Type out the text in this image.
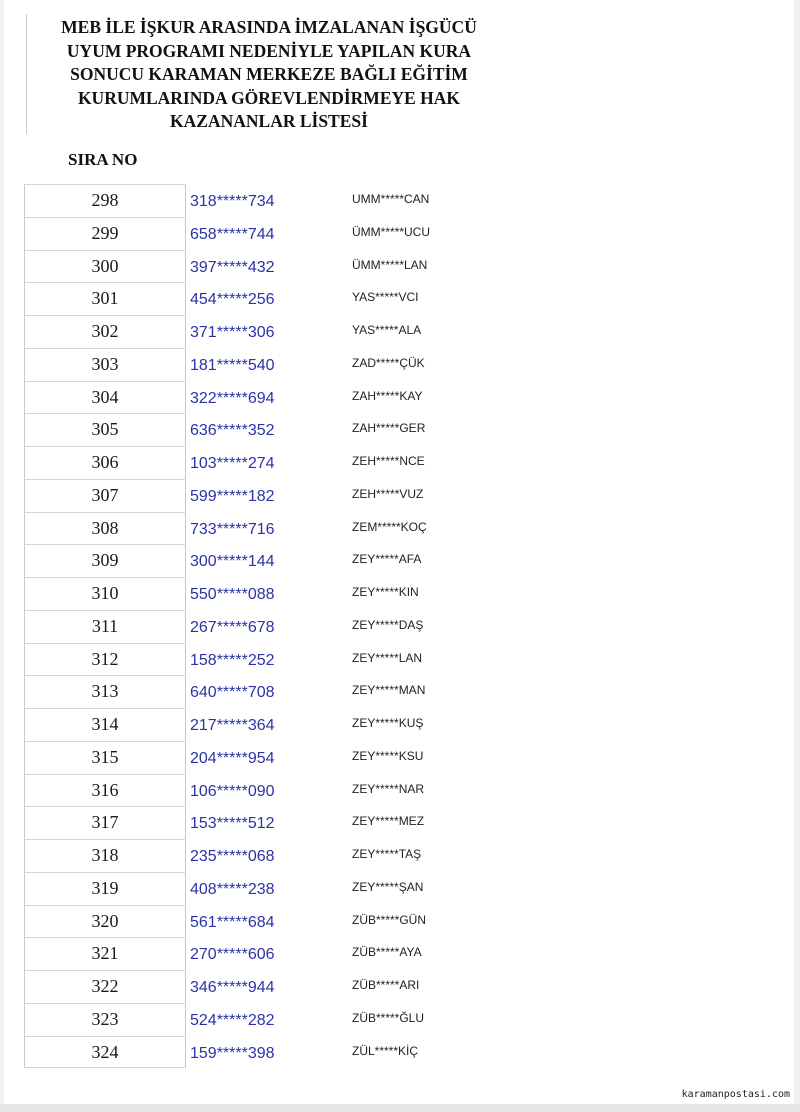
MEB İLE İŞKUR ARASINDA İMZALANAN İŞGÜCÜ
UYUM PROGRAMI NEDENİYLE YAPILAN KURA
SONUCU KARAMAN MERKEZE BAĞLI EĞİTİM
KURUMLARINDA GÖREVLENDİRMEYE HAK
KAZANANLAR LİSTESİ
SIRA NO
298	318*****734	UMM*****CAN
299	658*****744	ÜMM*****UCU
300	397*****432	ÜMM*****LAN
301	454*****256	YAS*****VCI
302	371*****306	YAS*****ALA
303	181*****540	ZAD*****ÇÜK
304	322*****694	ZAH*****KAY
305	636*****352	ZAH*****GER
306	103*****274	ZEH*****NCE
307	599*****182	ZEH*****VUZ
308	733*****716	ZEM*****KOÇ
309	300*****144	ZEY*****AFA
310	550*****088	ZEY*****KIN
311	267*****678	ZEY*****DAŞ
312	158*****252	ZEY*****LAN
313	640*****708	ZEY*****MAN
314	217*****364	ZEY*****KUŞ
315	204*****954	ZEY*****KSU
316	106*****090	ZEY*****NAR
317	153*****512	ZEY*****MEZ
318	235*****068	ZEY*****TAŞ
319	408*****238	ZEY*****ŞAN
320	561*****684	ZÜB*****GÜN
321	270*****606	ZÜB*****AYA
322	346*****944	ZÜB*****ARI
323	524*****282	ZÜB*****ĞLU
324	159*****398	ZÜL*****KİÇ
karamanpostasi.com
